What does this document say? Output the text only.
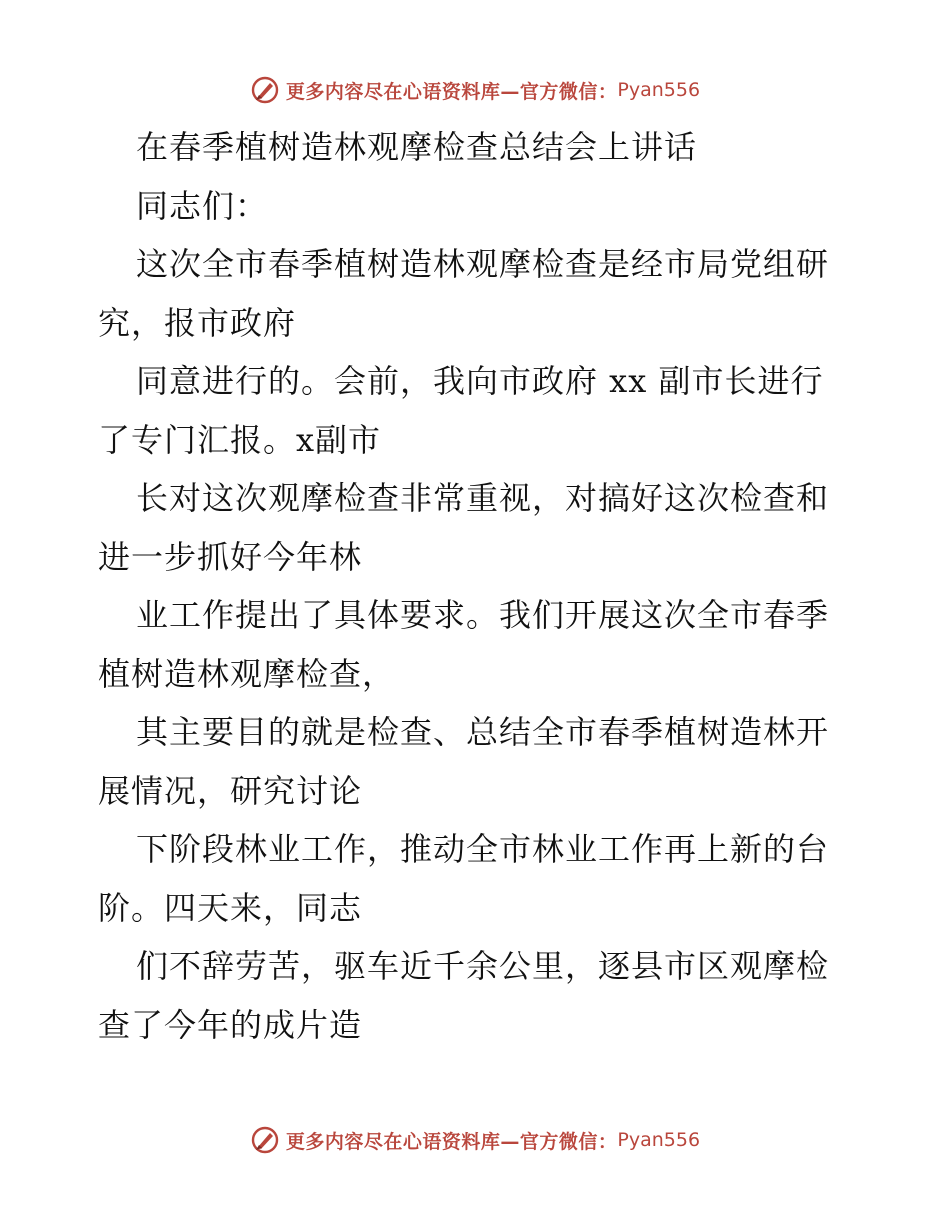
更多内容尽在心语资料库—官方微信： Pyan556
在春季植树造林观摩检查总结会上讲话
同志们：
这次全市春季植树造林观摩检查是经市局党组研
究，报市政府
同意进行的。会前，我向市政府 xx 副市长进行
了专门汇报。x副市
长对这次观摩检查非常重视，对搞好这次检查和
进一步抓好今年林
业工作提出了具体要求。我们开展这次全市春季
植树造林观摩检查，
其主要目的就是检查、总结全市春季植树造林开
展情况，研究讨论
下阶段林业工作，推动全市林业工作再上新的台
阶。四天来，同志
们不辞劳苦，驱车近千余公里，逐县市区观摩检
查了今年的成片造
更多内容尽在心语资料库—官方微信： Pyan556
